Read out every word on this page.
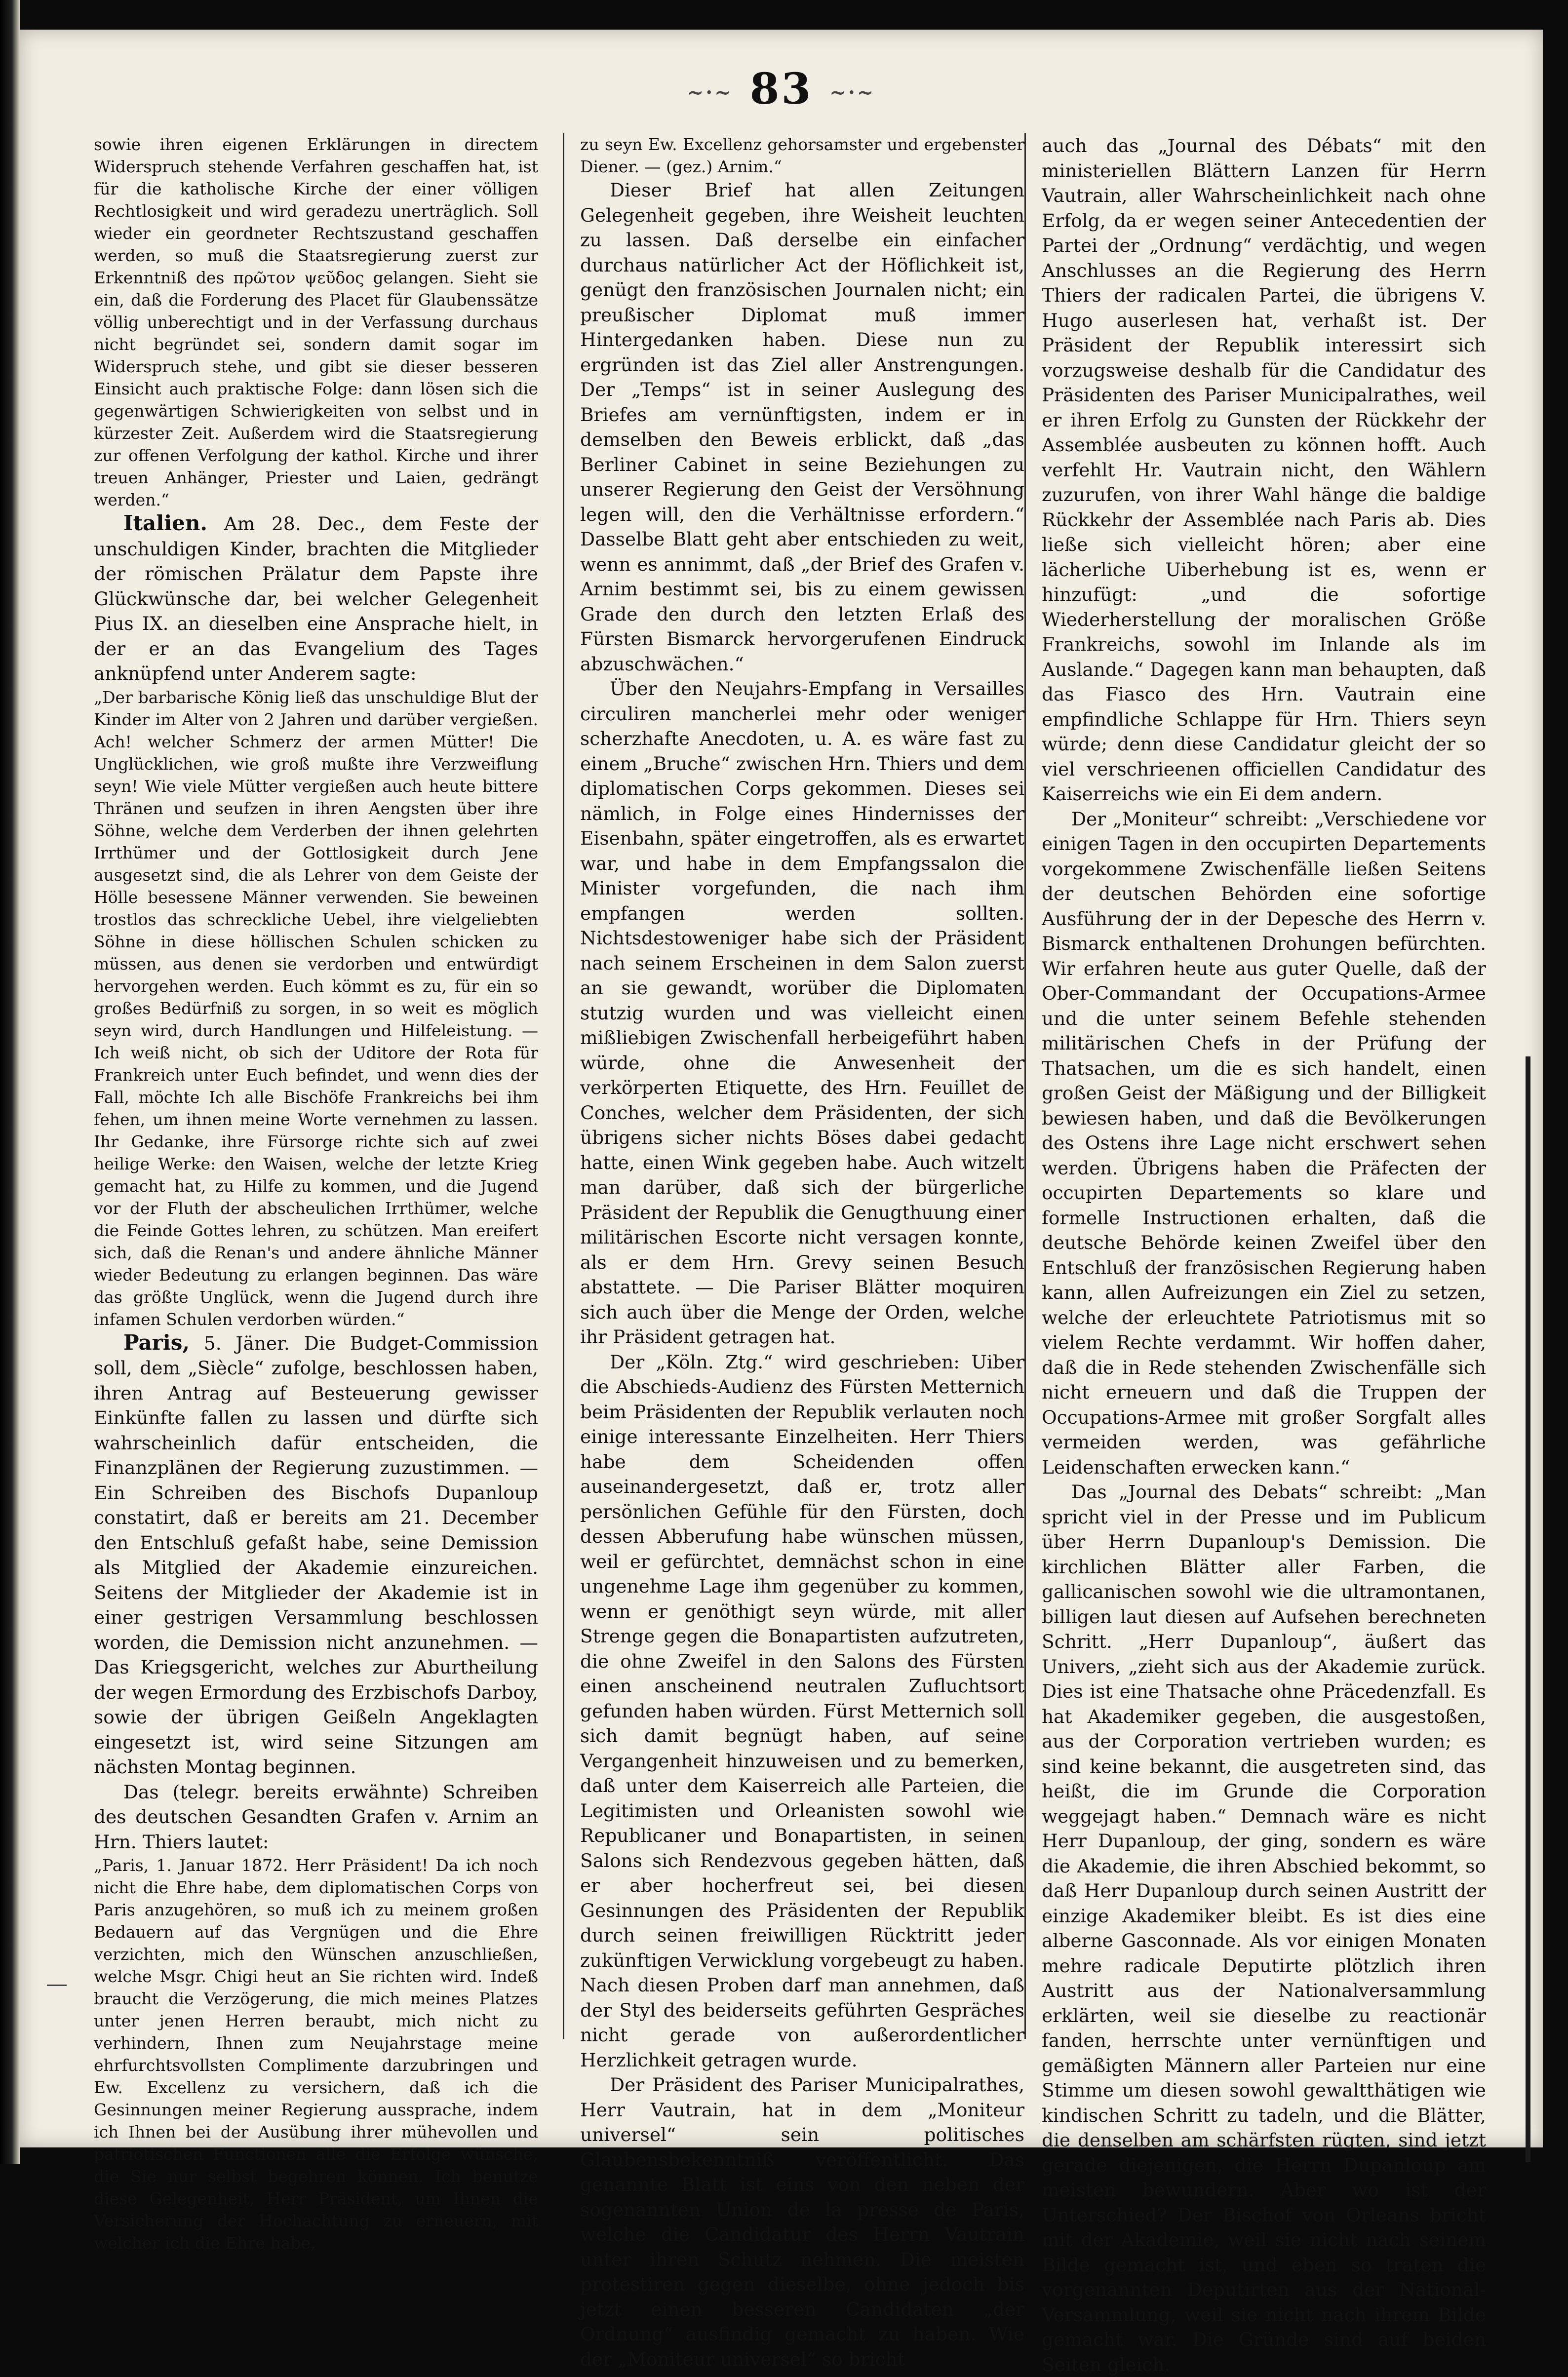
~·~ 83 ~·~

sowie ihren eigenen Erklärungen in directem Widerspruch stehende Verfahren geschaffen hat, ist für die katholische Kirche der einer völligen Rechtlosigkeit und wird geradezu unerträglich. Soll wieder ein geordneter Rechtszustand geschaffen werden, so muß die Staatsregierung zuerst zur Erkenntniß des πρῶτον ψεῦδος gelangen. Sieht sie ein, daß die Forderung des Placet für Glaubenssätze völlig unberechtigt und in der Verfassung durchaus nicht begründet sei, sondern damit sogar im Widerspruch stehe, und gibt sie dieser besseren Einsicht auch praktische Folge: dann lösen sich die gegenwärtigen Schwierigkeiten von selbst und in kürzester Zeit. Außerdem wird die Staatsregierung zur offenen Verfolgung der kathol. Kirche und ihrer treuen Anhänger, Priester und Laien, gedrängt werden.“

Italien. Am 28. Dec., dem Feste der unschuldigen Kinder, brachten die Mitglieder der römischen Prälatur dem Papste ihre Glückwünsche dar, bei welcher Gelegenheit Pius IX. an dieselben eine Ansprache hielt, in der er an das Evangelium des Tages anknüpfend unter Anderem sagte:

„Der barbarische König ließ das unschuldige Blut der Kinder im Alter von 2 Jahren und darüber vergießen. Ach! welcher Schmerz der armen Mütter! Die Unglücklichen, wie groß mußte ihre Verzweiflung seyn! Wie viele Mütter vergießen auch heute bittere Thränen und seufzen in ihren Aengsten über ihre Söhne, welche dem Verderben der ihnen gelehrten Irrthümer und der Gottlosigkeit durch Jene ausgesetzt sind, die als Lehrer von dem Geiste der Hölle besessene Männer verwenden. Sie beweinen trostlos das schreckliche Uebel, ihre vielgeliebten Söhne in diese höllischen Schulen schicken zu müssen, aus denen sie verdorben und entwürdigt hervorgehen werden. Euch kömmt es zu, für ein so großes Bedürfniß zu sorgen, in so weit es möglich seyn wird, durch Handlungen und Hilfeleistung. — Ich weiß nicht, ob sich der Uditore der Rota für Frankreich unter Euch befindet, und wenn dies der Fall, möchte Ich alle Bischöfe Frankreichs bei ihm fehen, um ihnen meine Worte vernehmen zu lassen. Ihr Gedanke, ihre Fürsorge richte sich auf zwei heilige Werke: den Waisen, welche der letzte Krieg gemacht hat, zu Hilfe zu kommen, und die Jugend vor der Fluth der abscheulichen Irrthümer, welche die Feinde Gottes lehren, zu schützen. Man ereifert sich, daß die Renan's und andere ähnliche Männer wieder Bedeutung zu erlangen beginnen. Das wäre das größte Unglück, wenn die Jugend durch ihre infamen Schulen verdorben würden.“

Paris, 5. Jäner. Die Budget-Commission soll, dem „Siècle“ zufolge, beschlossen haben, ihren Antrag auf Besteuerung gewisser Einkünfte fallen zu lassen und dürfte sich wahrscheinlich dafür entscheiden, die Finanzplänen der Regierung zuzustimmen. — Ein Schreiben des Bischofs Dupanloup constatirt, daß er bereits am 21. December den Entschluß gefaßt habe, seine Demission als Mitglied der Akademie einzureichen. Seitens der Mitglieder der Akademie ist in einer gestrigen Versammlung beschlossen worden, die Demission nicht anzunehmen. — Das Kriegsgericht, welches zur Aburtheilung der wegen Ermordung des Erzbischofs Darboy, sowie der übrigen Geißeln Angeklagten eingesetzt ist, wird seine Sitzungen am nächsten Montag beginnen.

Das (telegr. bereits erwähnte) Schreiben des deutschen Gesandten Grafen v. Arnim an Hrn. Thiers lautet:

„Paris, 1. Januar 1872. Herr Präsident! Da ich noch nicht die Ehre habe, dem diplomatischen Corps von Paris anzugehören, so muß ich zu meinem großen Bedauern auf das Vergnügen und die Ehre verzichten, mich den Wünschen anzuschließen, welche Msgr. Chigi heut an Sie richten wird. Indeß braucht die Verzögerung, die mich meines Platzes unter jenen Herren beraubt, mich nicht zu verhindern, Ihnen zum Neujahrstage meine ehrfurchtsvollsten Complimente darzubringen und Ew. Excellenz zu versichern, daß ich die Gesinnungen meiner Regierung aussprache, indem ich Ihnen bei der Ausübung ihrer mühevollen und patriotischen Functionen alle die Erfolge wünsche, die Sie nur selbst begehren können. Ich benutze diese Gelegenheit, Herr Präsident, um Ihnen die Versicherung der Hochachtung zu erneuern, mit welcher ich die Ehre habe,

zu seyn Ew. Excellenz gehorsamster und ergebenster Diener. — (gez.) Arnim.“

Dieser Brief hat allen Zeitungen Gelegenheit gegeben, ihre Weisheit leuchten zu lassen. Daß derselbe ein einfacher durchaus natürlicher Act der Höflichkeit ist, genügt den französischen Journalen nicht; ein preußischer Diplomat muß immer Hintergedanken haben. Diese nun zu ergründen ist das Ziel aller Anstrengungen. Der „Temps“ ist in seiner Auslegung des Briefes am vernünftigsten, indem er in demselben den Beweis erblickt, daß „das Berliner Cabinet in seine Beziehungen zu unserer Regierung den Geist der Versöhnung legen will, den die Verhältnisse erfordern.“ Dasselbe Blatt geht aber entschieden zu weit, wenn es annimmt, daß „der Brief des Grafen v. Arnim bestimmt sei, bis zu einem gewissen Grade den durch den letzten Erlaß des Fürsten Bismarck hervorgerufenen Eindruck abzuschwächen.“

Über den Neujahrs-Empfang in Versailles circuliren mancherlei mehr oder weniger scherzhafte Anecdoten, u. A. es wäre fast zu einem „Bruche“ zwischen Hrn. Thiers und dem diplomatischen Corps gekommen. Dieses sei nämlich, in Folge eines Hindernisses der Eisenbahn, später eingetroffen, als es erwartet war, und habe in dem Empfangssalon die Minister vorgefunden, die nach ihm empfangen werden sollten. Nichtsdestoweniger habe sich der Präsident nach seinem Erscheinen in dem Salon zuerst an sie gewandt, worüber die Diplomaten stutzig wurden und was vielleicht einen mißliebigen Zwischenfall herbeigeführt haben würde, ohne die Anwesenheit der verkörperten Etiquette, des Hrn. Feuillet de Conches, welcher dem Präsidenten, der sich übrigens sicher nichts Böses dabei gedacht hatte, einen Wink gegeben habe. Auch witzelt man darüber, daß sich der bürgerliche Präsident der Republik die Genugthuung einer militärischen Escorte nicht versagen konnte, als er dem Hrn. Grevy seinen Besuch abstattete. — Die Pariser Blätter moquiren sich auch über die Menge der Orden, welche ihr Präsident getragen hat.

Der „Köln. Ztg.“ wird geschrieben: Uiber die Abschieds-Audienz des Fürsten Metternich beim Präsidenten der Republik verlauten noch einige interessante Einzelheiten. Herr Thiers habe dem Scheidenden offen auseinandergesetzt, daß er, trotz aller persönlichen Gefühle für den Fürsten, doch dessen Abberufung habe wünschen müssen, weil er gefürchtet, demnächst schon in eine ungenehme Lage ihm gegenüber zu kommen, wenn er genöthigt seyn würde, mit aller Strenge gegen die Bonapartisten aufzutreten, die ohne Zweifel in den Salons des Fürsten einen anscheinend neutralen Zufluchtsort gefunden haben würden. Fürst Metternich soll sich damit begnügt haben, auf seine Vergangenheit hinzuweisen und zu bemerken, daß unter dem Kaiserreich alle Parteien, die Legitimisten und Orleanisten sowohl wie Republicaner und Bonapartisten, in seinen Salons sich Rendezvous gegeben hätten, daß er aber hocherfreut sei, bei diesen Gesinnungen des Präsidenten der Republik durch seinen freiwilligen Rücktritt jeder zukünftigen Verwicklung vorgebeugt zu haben. Nach diesen Proben darf man annehmen, daß der Styl des beiderseits geführten Gespräches nicht gerade von außerordentlicher Herzlichkeit getragen wurde.

Der Präsident des Pariser Municipalrathes, Herr Vautrain, hat in dem „Moniteur universel“ sein politisches Glaubensbekenntniß veröffentlicht. Das genannte Blatt ist eins von den neben der sogenannten Union de la presse de Paris, welche die Candidatur des Herrn Vautrain unter ihren Schutz nehmen. Die meisten protestiren gegen dieselbe, ohne jedoch bis jetzt einen besseren Candidaten „der Ordnung“ ausfindig gemacht zu haben. Wie der „Moniteur universel“ so bricht

auch das „Journal des Débats“ mit den ministeriellen Blättern Lanzen für Herrn Vautrain, aller Wahrscheinlichkeit nach ohne Erfolg, da er wegen seiner Antecedentien der Partei der „Ordnung“ verdächtig, und wegen Anschlusses an die Regierung des Herrn Thiers der radicalen Partei, die übrigens V. Hugo auserlesen hat, verhaßt ist. Der Präsident der Republik interessirt sich vorzugsweise deshalb für die Candidatur des Präsidenten des Pariser Municipalrathes, weil er ihren Erfolg zu Gunsten der Rückkehr der Assemblée ausbeuten zu können hofft. Auch verfehlt Hr. Vautrain nicht, den Wählern zuzurufen, von ihrer Wahl hänge die baldige Rückkehr der Assemblée nach Paris ab. Dies ließe sich vielleicht hören; aber eine lächerliche Uiberhebung ist es, wenn er hinzufügt: „und die sofortige Wiederherstellung der moralischen Größe Frankreichs, sowohl im Inlande als im Auslande.“ Dagegen kann man behaupten, daß das Fiasco des Hrn. Vautrain eine empfindliche Schlappe für Hrn. Thiers seyn würde; denn diese Candidatur gleicht der so viel verschrieenen officiellen Candidatur des Kaiserreichs wie ein Ei dem andern.

Der „Moniteur“ schreibt: „Verschiedene vor einigen Tagen in den occupirten Departements vorgekommene Zwischenfälle ließen Seitens der deutschen Behörden eine sofortige Ausführung der in der Depesche des Herrn v. Bismarck enthaltenen Drohungen befürchten. Wir erfahren heute aus guter Quelle, daß der Ober-Commandant der Occupations-Armee und die unter seinem Befehle stehenden militärischen Chefs in der Prüfung der Thatsachen, um die es sich handelt, einen großen Geist der Mäßigung und der Billigkeit bewiesen haben, und daß die Bevölkerungen des Ostens ihre Lage nicht erschwert sehen werden. Übrigens haben die Präfecten der occupirten Departements so klare und formelle Instructionen erhalten, daß die deutsche Behörde keinen Zweifel über den Entschluß der französischen Regierung haben kann, allen Aufreizungen ein Ziel zu setzen, welche der erleuchtete Patriotismus mit so vielem Rechte verdammt. Wir hoffen daher, daß die in Rede stehenden Zwischenfälle sich nicht erneuern und daß die Truppen der Occupations-Armee mit großer Sorgfalt alles vermeiden werden, was gefährliche Leidenschaften erwecken kann.“

Das „Journal des Debats“ schreibt: „Man spricht viel in der Presse und im Publicum über Herrn Dupanloup's Demission. Die kirchlichen Blätter aller Farben, die gallicanischen sowohl wie die ultramontanen, billigen laut diesen auf Aufsehen berechneten Schritt. „Herr Dupanloup“, äußert das Univers, „zieht sich aus der Akademie zurück. Dies ist eine Thatsache ohne Präcedenzfall. Es hat Akademiker gegeben, die ausgestoßen, aus der Corporation vertrieben wurden; es sind keine bekannt, die ausgetreten sind, das heißt, die im Grunde die Corporation weggejagt haben.“ Demnach wäre es nicht Herr Dupanloup, der ging, sondern es wäre die Akademie, die ihren Abschied bekommt, so daß Herr Dupanloup durch seinen Austritt der einzige Akademiker bleibt. Es ist dies eine alberne Gasconnade. Als vor einigen Monaten mehre radicale Deputirte plötzlich ihren Austritt aus der Nationalversammlung erklärten, weil sie dieselbe zu reactionär fanden, herrschte unter vernünftigen und gemäßigten Männern aller Parteien nur eine Stimme um diesen sowohl gewaltthätigen wie kindischen Schritt zu tadeln, und die Blätter, die denselben am schärfsten rügten, sind jetzt gerade diejenigen, die Herrn Dupanloup am meisten bewundern. Aber wo ist der Unterschied? Der Bischof von Orleans bricht mit der Akademie, weil sie nicht nach seinem Bilde gemacht ist, und eben so traten die vorgenannten Deputirten aus der National-Versammlung, weil sie nicht nach ihrem Bilde gemacht war. Die Gründe sind auf beiden Seiten gleich.
